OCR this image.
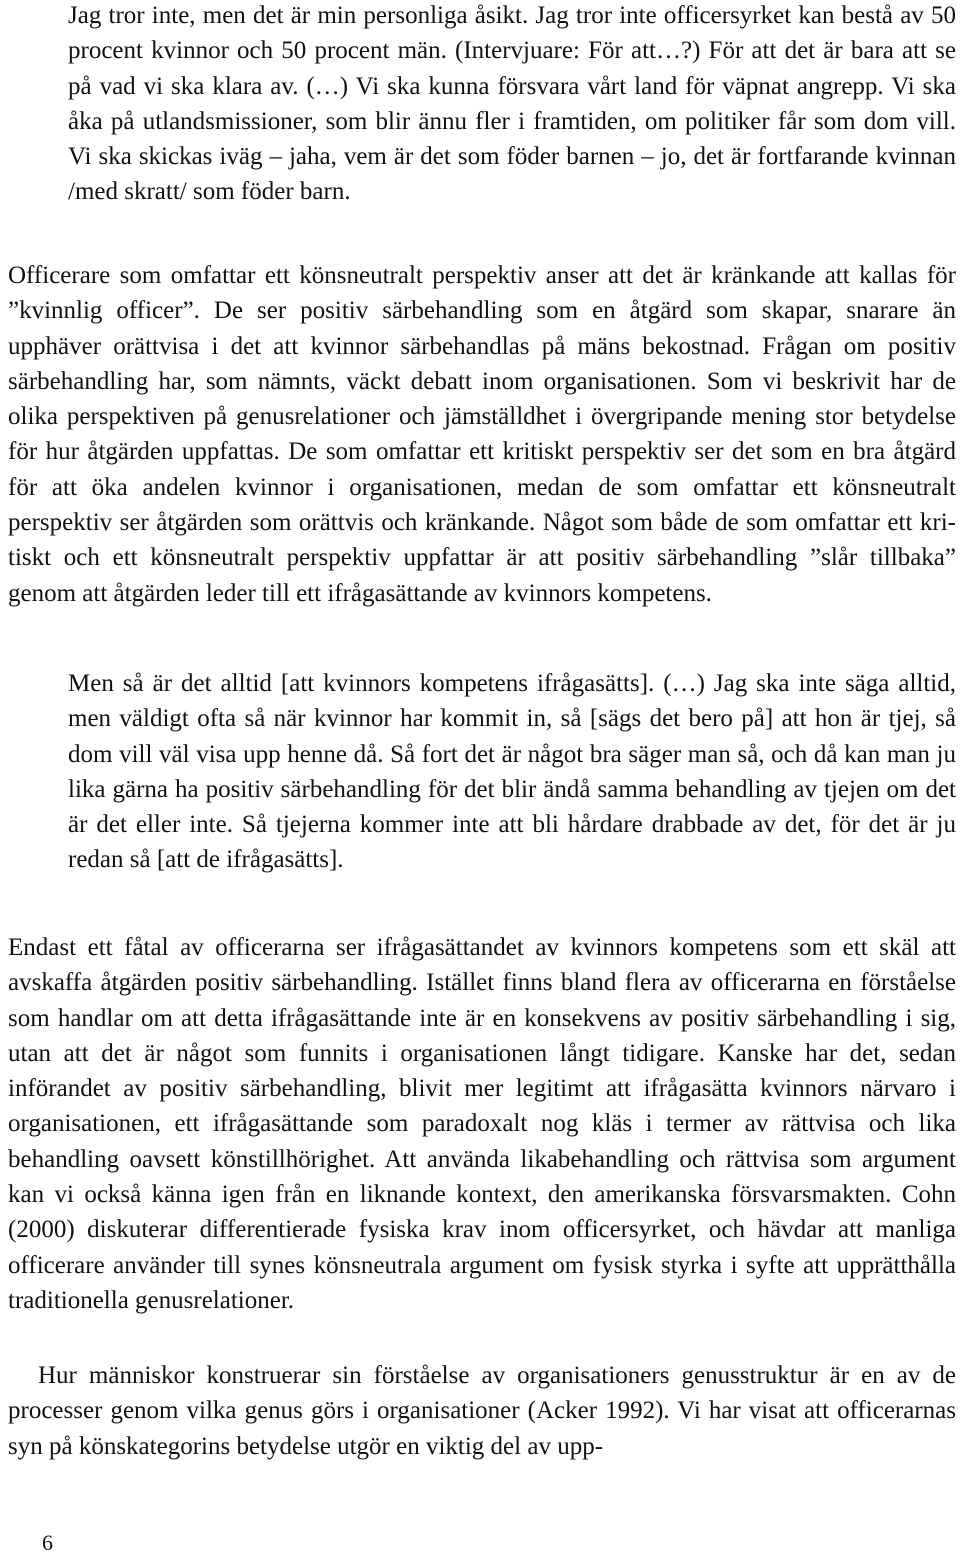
Jag tror inte, men det är min personliga åsikt. Jag tror inte officersyrket kan bestå av 50 procent kvinnor och 50 procent män. (Intervjuare: För att…?) För att det är bara att se på vad vi ska klara av. (…) Vi ska kunna försvara vårt land för väpnat angrepp. Vi ska åka på utlandsmissioner, som blir ännu fler i framtiden, om politiker får som dom vill. Vi ska skickas iväg – jaha, vem är det som föder barnen – jo, det är fortfarande kvinnan /med skratt/ som föder barn.

Officerare som omfattar ett könsneutralt perspektiv anser att det är kränkande att kallas för ”kvinnlig officer”. De ser positiv särbehandling som en åtgärd som skapar, snarare än upphäver orättvisa i det att kvinnor särbehandlas på mäns bekostnad. Frågan om positiv särbehandling har, som nämnts, väckt debatt inom organisationen. Som vi beskrivit har de olika perspektiven på genusrelationer och jämställdhet i övergripande mening stor betydelse för hur åtgärden uppfattas. De som omfattar ett kritiskt perspektiv ser det som en bra åtgärd för att öka andelen kvinnor i organisationen, medan de som omfattar ett könsneutralt perspektiv ser åtgärden som orättvis och kränkande. Något som både de som omfattar ett kritiskt och ett könsneutralt perspektiv uppfattar är att positiv särbehandling ”slår tillbaka” genom att åtgärden leder till ett ifrågasättande av kvinnors kompetens.

Men så är det alltid [att kvinnors kompetens ifrågasätts]. (…) Jag ska inte säga alltid, men väldigt ofta så när kvinnor har kommit in, så [sägs det bero på] att hon är tjej, så dom vill väl visa upp henne då. Så fort det är något bra säger man så, och då kan man ju lika gärna ha positiv särbehandling för det blir ändå samma behandling av tjejen om det är det eller inte. Så tjejerna kommer inte att bli hårdare drabbade av det, för det är ju redan så [att de ifrågasätts].

Endast ett fåtal av officerarna ser ifrågasättandet av kvinnors kompetens som ett skäl att avskaffa åtgärden positiv särbehandling. Istället finns bland flera av officerarna en förståelse som handlar om att detta ifrågasättande inte är en konsekvens av positiv särbehandling i sig, utan att det är något som funnits i organisationen långt tidigare. Kanske har det, sedan införandet av positiv särbehandling, blivit mer legitimt att ifrågasätta kvinnors närvaro i organisationen, ett ifrågasättande som paradoxalt nog kläs i termer av rättvisa och lika behandling oavsett könstillhörighet. Att använda likabehandling och rättvisa som argument kan vi också känna igen från en liknande kontext, den amerikanska försvarsmakten. Cohn (2000) diskuterar differentierade fysiska krav inom officersyrket, och hävdar att manliga officerare använder till synes könsneutrala argument om fysisk styrka i syfte att upprätthålla traditionella genusrelationer.

Hur människor konstruerar sin förståelse av organisationers genusstruktur är en av de processer genom vilka genus görs i organisationer (Acker 1992). Vi har visat att officerarnas syn på könskategorins betydelse utgör en viktig del av upp-

6
